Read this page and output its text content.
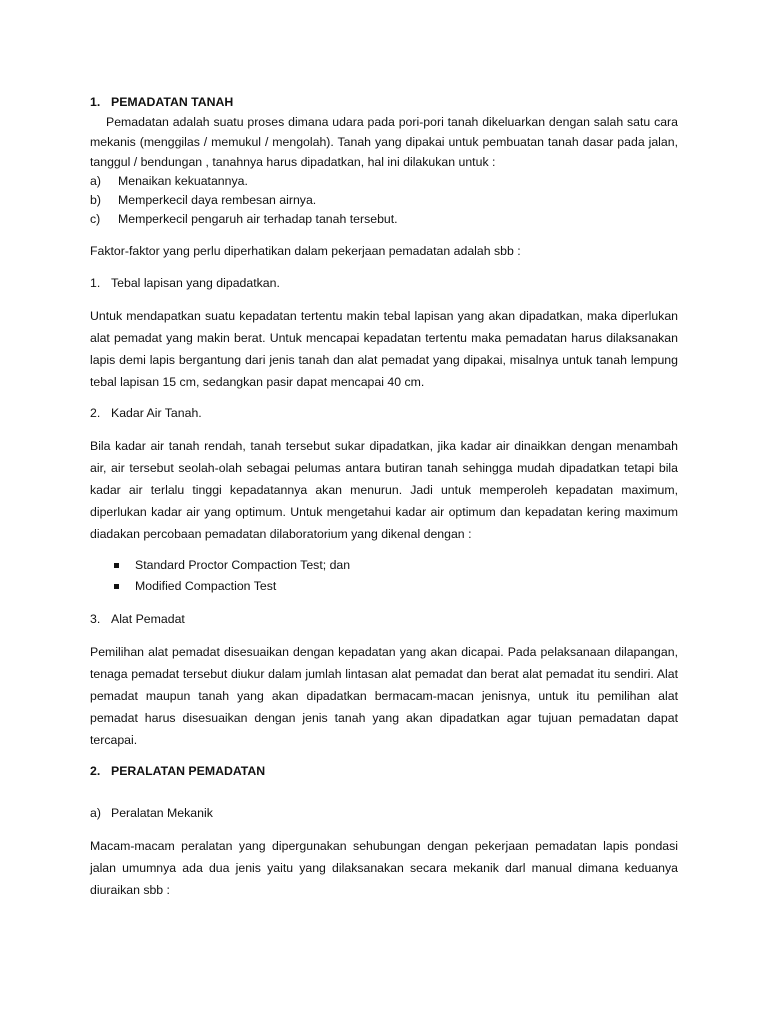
1. PEMADATAN TANAH

Pemadatan adalah suatu proses dimana udara pada pori-pori tanah dikeluarkan dengan salah satu cara mekanis (menggilas / memukul / mengolah). Tanah yang dipakai untuk pembuatan tanah dasar pada jalan, tanggul / bendungan , tanahnya harus dipadatkan, hal ini dilakukan untuk :

a)	Menaikan kekuatannya.
b)	Memperkecil daya rembesan airnya.
c)	Memperkecil pengaruh air terhadap tanah tersebut.

Faktor-faktor yang perlu diperhatikan dalam pekerjaan pemadatan adalah sbb :

1. Tebal lapisan yang dipadatkan.

Untuk mendapatkan suatu kepadatan tertentu makin tebal lapisan yang akan dipadatkan, maka diperlukan alat pemadat yang makin berat. Untuk mencapai kepadatan tertentu maka pemadatan harus dilaksanakan lapis demi lapis bergantung dari jenis tanah dan alat pemadat yang dipakai, misalnya untuk tanah lempung tebal lapisan 15 cm, sedangkan pasir dapat mencapai 40 cm.

2. Kadar Air Tanah.

Bila kadar air tanah rendah, tanah tersebut sukar dipadatkan, jika kadar air dinaikkan dengan menambah air, air tersebut seolah-olah sebagai pelumas antara butiran tanah sehingga mudah dipadatkan tetapi bila kadar air terlalu tinggi kepadatannya akan menurun. Jadi untuk memperoleh kepadatan maximum, diperlukan kadar air yang optimum. Untuk mengetahui kadar air optimum dan kepadatan kering maximum diadakan percobaan pemadatan dilaboratorium yang dikenal dengan :

Standard Proctor Compaction Test; dan
Modified Compaction Test
3. Alat Pemadat

Pemilihan alat pemadat disesuaikan dengan kepadatan yang akan dicapai. Pada pelaksanaan dilapangan, tenaga pemadat tersebut diukur dalam jumlah lintasan alat pemadat dan berat alat pemadat itu sendiri. Alat pemadat maupun tanah yang akan dipadatkan bermacam-macan jenisnya, untuk itu pemilihan alat pemadat harus disesuaikan dengan jenis tanah yang akan dipadatkan agar tujuan pemadatan dapat tercapai.

2. PERALATAN PEMADATAN
a) Peralatan Mekanik

Macam-macam peralatan yang dipergunakan sehubungan dengan pekerjaan pemadatan lapis pondasi jalan umumnya ada dua jenis yaitu yang dilaksanakan secara mekanik darl manual dimana keduanya diuraikan sbb :
